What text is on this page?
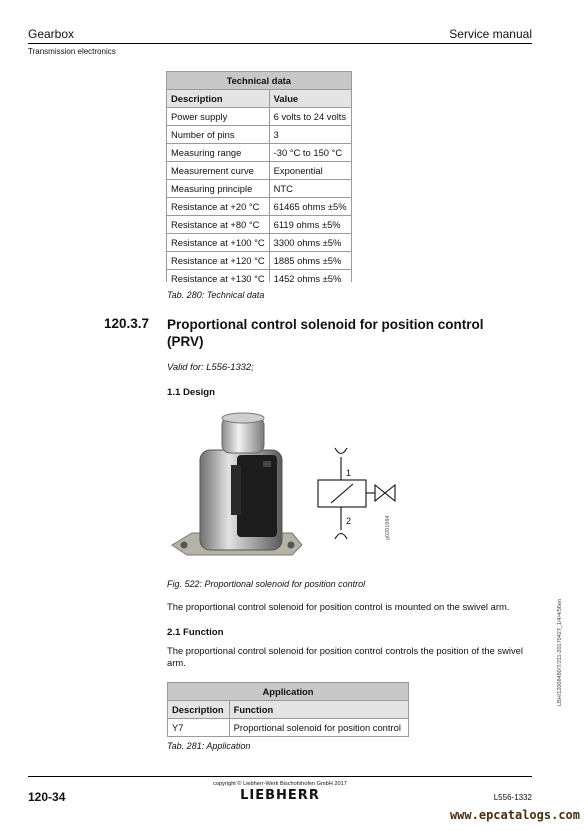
Gearbox	Service manual
Transmission electronics
Technical data	
Description	Value
Power supply	6 volts to 24 volts
Number of pins	3
Measuring range	-30 °C to 150 °C
Measurement curve	Exponential
Measuring principle	NTC
Resistance at +20 °C	61465 ohms ±5%
Resistance at +80 °C	6119 ohms ±5%
Resistance at +100 °C	3300 ohms ±5%
Resistance at +120 °C	1885 ohms ±5%
Resistance at +130 °C	1452 ohms ±5%
Tab. 280: Technical data
120.3.7 Proportional control solenoid for position control (PRV)
Valid for: L556-1332;
1.1 Design
1
2	g0201984
Fig. 522: Proportional solenoid for position control
The proportional control solenoid for position control is mounted on the swivel arm.
2.1 Function
The proportional control solenoid for position control controls the position of the swivel arm.
Application	
Description	Function
Y7	Proportional solenoid for position control
Tab. 281: Application
LBH/12008480/7/211-20170427_1/4/4/56en
copyright © Liebherr-Werk Bischofshofen GmbH 2017
120-34	LIEBHERR	L556-1332
www.epcatalogs.com
